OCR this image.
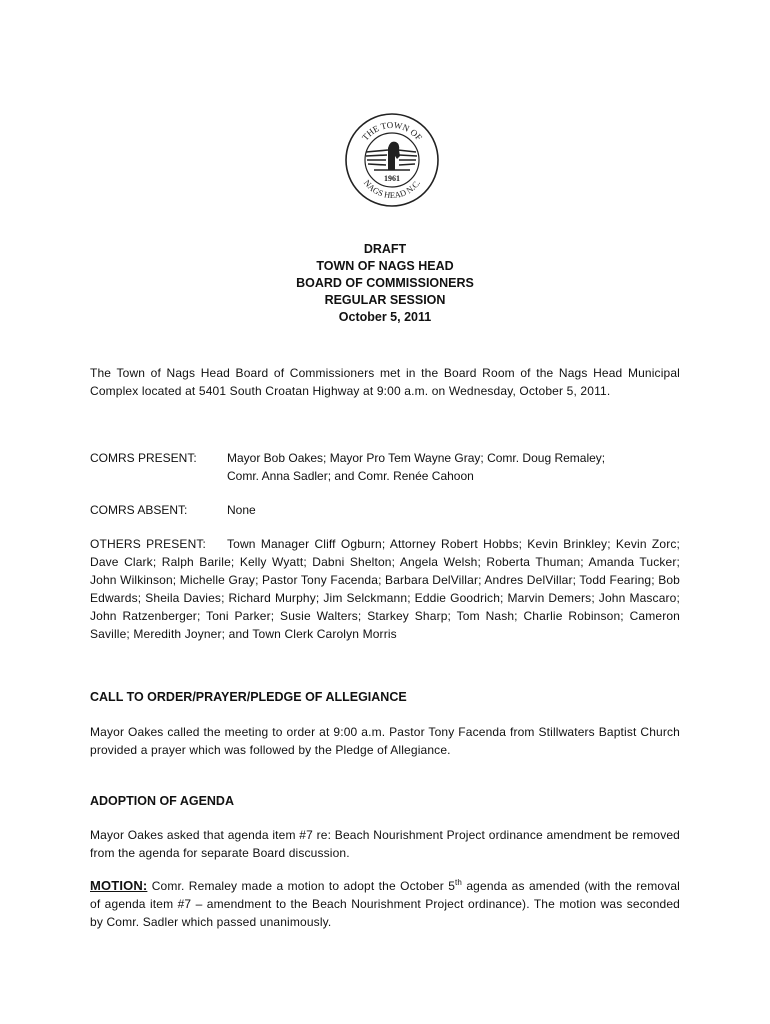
THE TOWN OF
NAGS HEAD N.C.
1961
DRAFT
TOWN OF NAGS HEAD
BOARD OF COMMISSIONERS
REGULAR SESSION
October 5, 2011
The Town of Nags Head Board of Commissioners met in the Board Room of the Nags Head Municipal Complex located at 5401 South Croatan Highway at 9:00 a.m. on Wednesday, October 5, 2011.
COMRS PRESENT:	Mayor Bob Oakes; Mayor Pro Tem Wayne Gray; Comr. Doug Remaley;
Comr. Anna Sadler; and Comr. Renée Cahoon
COMRS ABSENT:	None
OTHERS PRESENT: Town Manager Cliff Ogburn; Attorney Robert Hobbs; Kevin Brinkley; Kevin Zorc; Dave Clark; Ralph Barile; Kelly Wyatt; Dabni Shelton; Angela Welsh; Roberta Thuman; Amanda Tucker; John Wilkinson; Michelle Gray; Pastor Tony Facenda; Barbara DelVillar; Andres DelVillar; Todd Fearing; Bob Edwards; Sheila Davies; Richard Murphy; Jim Selckmann; Eddie Goodrich; Marvin Demers; John Mascaro; John Ratzenberger; Toni Parker; Susie Walters; Starkey Sharp; Tom Nash; Charlie Robinson; Cameron Saville; Meredith Joyner; and Town Clerk Carolyn Morris
CALL TO ORDER/PRAYER/PLEDGE OF ALLEGIANCE
Mayor Oakes called the meeting to order at 9:00 a.m. Pastor Tony Facenda from Stillwaters Baptist Church provided a prayer which was followed by the Pledge of Allegiance.
ADOPTION OF AGENDA
Mayor Oakes asked that agenda item #7 re: Beach Nourishment Project ordinance amendment be removed from the agenda for separate Board discussion.
MOTION: Comr. Remaley made a motion to adopt the October 5th agenda as amended (with the removal of agenda item #7 – amendment to the Beach Nourishment Project ordinance). The motion was seconded by Comr. Sadler which passed unanimously.
